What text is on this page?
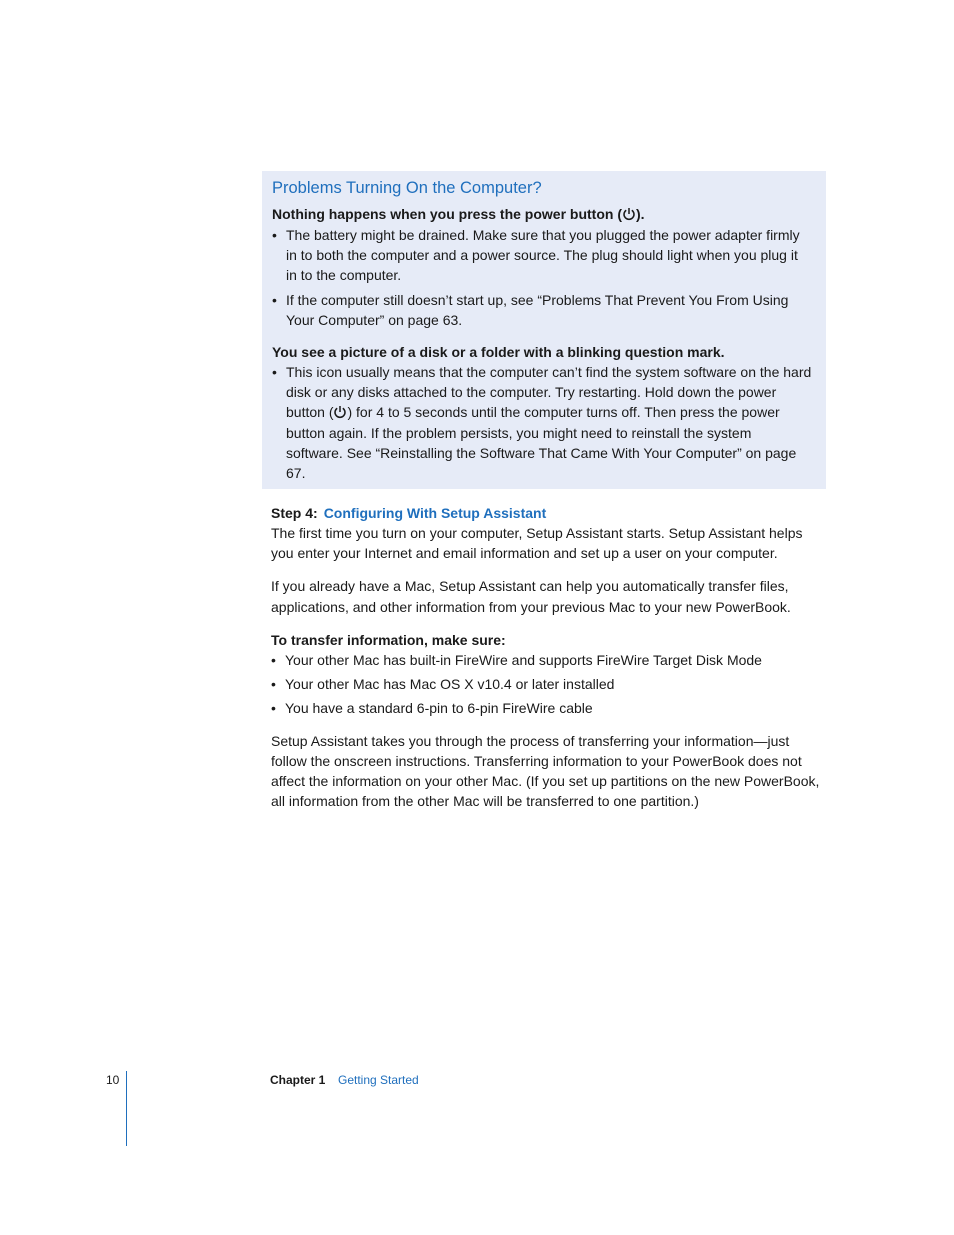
Problems Turning On the Computer?

Nothing happens when you press the power button ( ).

• The battery might be drained. Make sure that you plugged the power adapter firmly in to both the computer and a power source. The plug should light when you plug it in to the computer.
• If the computer still doesn’t start up, see “Problems That Prevent You From Using Your Computer” on page 63.

You see a picture of a disk or a folder with a blinking question mark.

• This icon usually means that the computer can’t find the system software on the hard disk or any disks attached to the computer. Try restarting. Hold down the power button ( ) for 4 to 5 seconds until the computer turns off. Then press the power button again. If the problem persists, you might need to reinstall the system software. See “Reinstalling the Software That Came With Your Computer” on page 67.

Step 4: Configuring With Setup Assistant

The first time you turn on your computer, Setup Assistant starts. Setup Assistant helps you enter your Internet and email information and set up a user on your computer.

If you already have a Mac, Setup Assistant can help you automatically transfer files, applications, and other information from your previous Mac to your new PowerBook.

To transfer information, make sure:

• Your other Mac has built-in FireWire and supports FireWire Target Disk Mode
• Your other Mac has Mac OS X v10.4 or later installed
• You have a standard 6-pin to 6-pin FireWire cable

Setup Assistant takes you through the process of transferring your information—just follow the onscreen instructions. Transferring information to your PowerBook does not affect the information on your other Mac. (If you set up partitions on the new PowerBook, all information from the other Mac will be transferred to one partition.)

10	Chapter 1 Getting Started
